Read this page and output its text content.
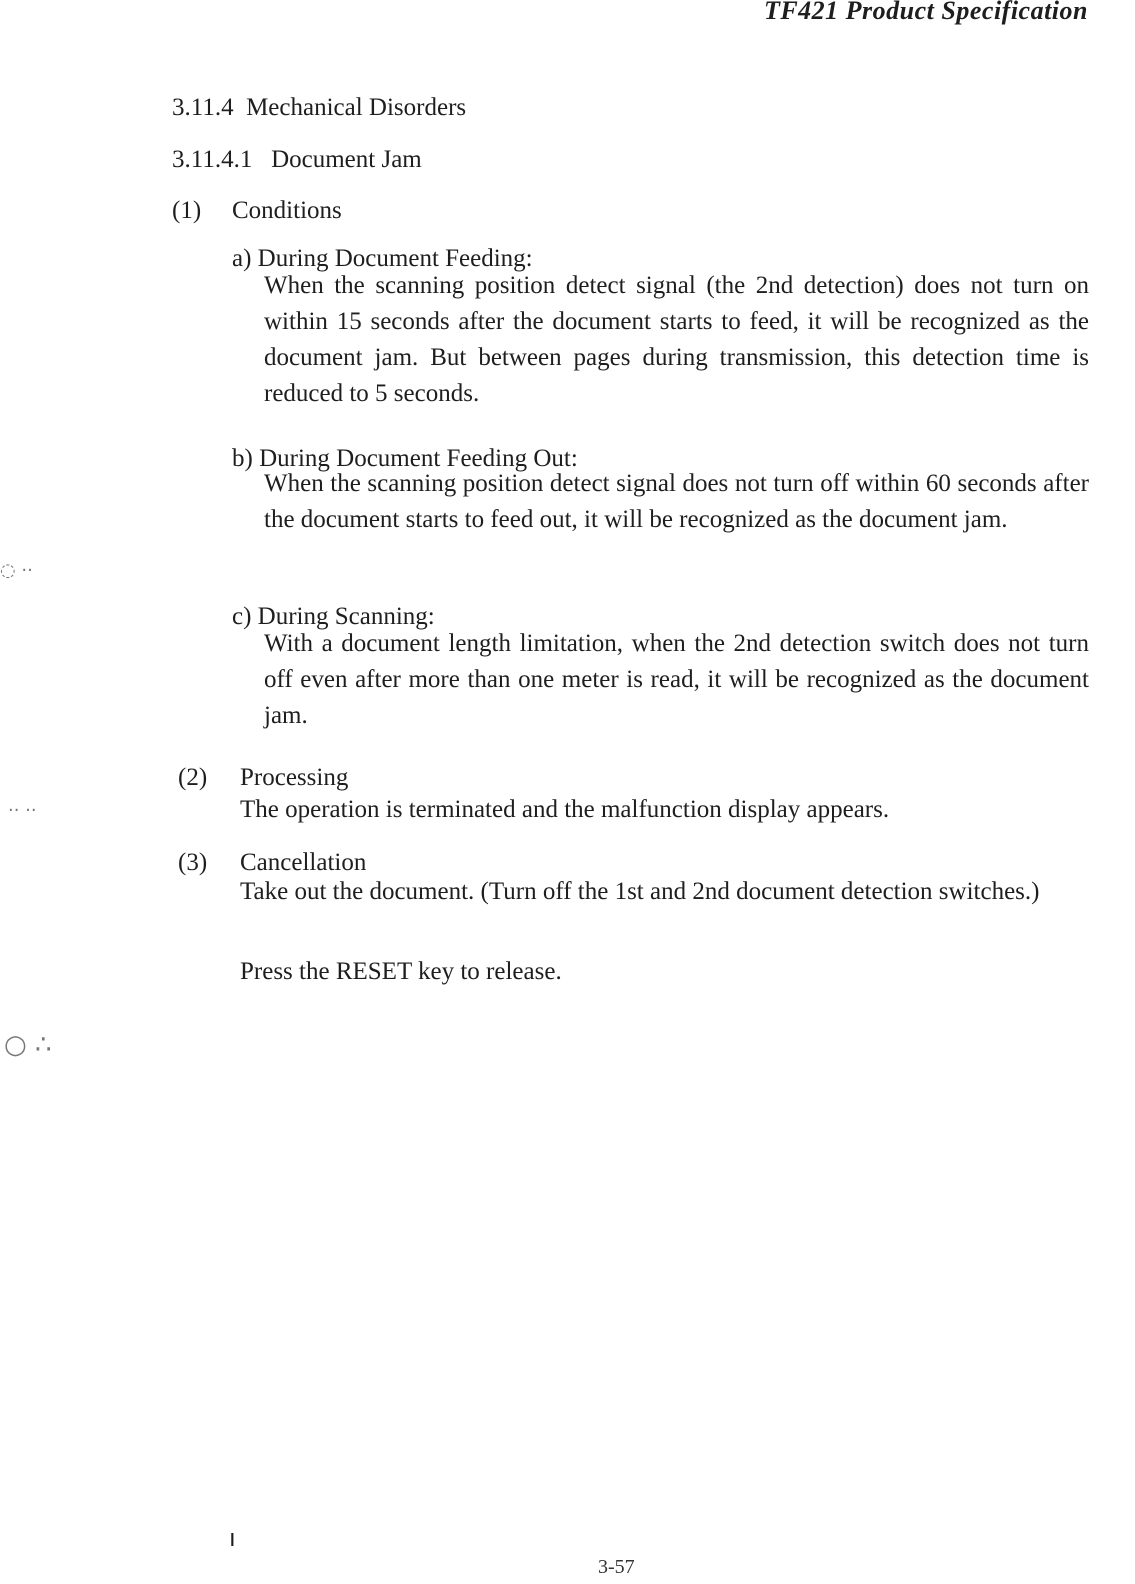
TF421 Product Specification
3.11.4 Mechanical Disorders
3.11.4.1 Document Jam
(1) Conditions
a) During Document Feeding:
When the scanning position detect signal (the 2nd detection) does not turn on within 15 seconds after the document starts to feed, it will be recognized as the document jam. But between pages during transmission, this detection time is reduced to 5 seconds.
b) During Document Feeding Out:
When the scanning position detect signal does not turn off within 60 seconds after the document starts to feed out, it will be recognized as the document jam.
c) During Scanning:
With a document length limitation, when the 2nd detection switch does not turn off even after more than one meter is read, it will be recognized as the document jam.
(2) Processing
The operation is terminated and the malfunction display appears.
(3) Cancellation
Take out the document. (Turn off the 1st and 2nd document detection switches.)
Press the RESET key to release.
◌ ··
·· ··
○ ∴
ı
3-57
